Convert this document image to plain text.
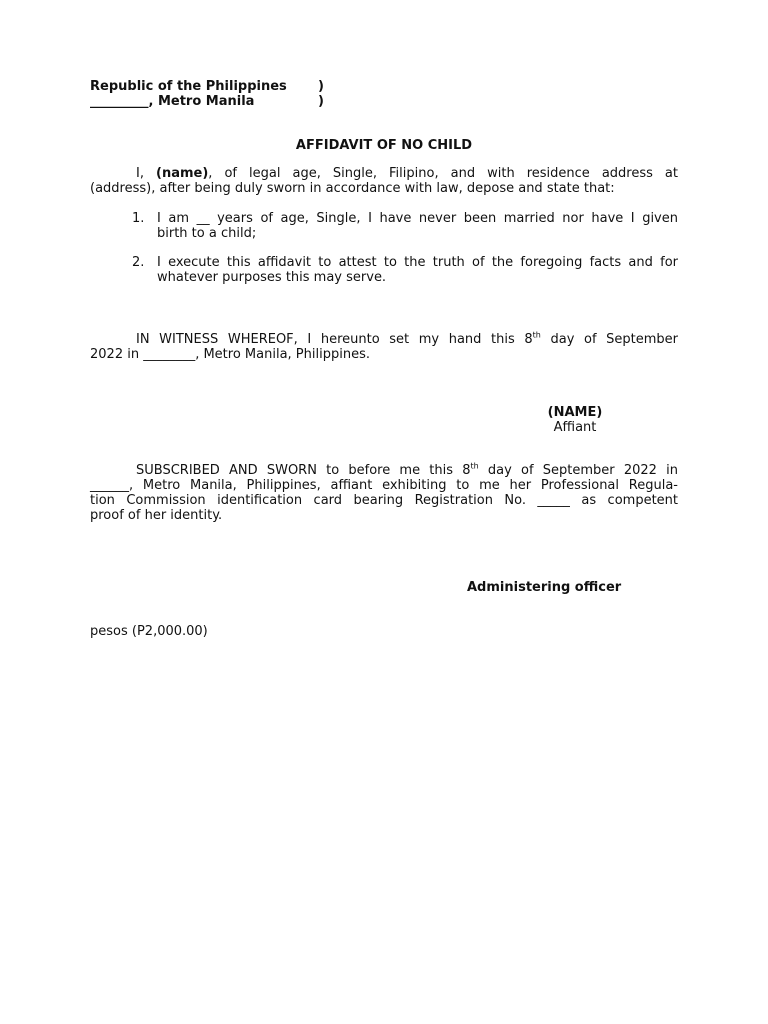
Republic of the Philippines	)
_________, Metro Manila	)
AFFIDAVIT OF NO CHILD
I, (name), of legal age, Single, Filipino, and with residence address at
(address), after being duly sworn in accordance with law, depose and state that:
1. I am __ years of age, Single, I have never been married nor have I given
birth to a child;
2. I execute this affidavit to attest to the truth of the foregoing facts and for
whatever purposes this may serve.
IN WITNESS WHEREOF, I hereunto set my hand this 8th day of September
2022 in ________, Metro Manila, Philippines.
(NAME)
Affiant
SUBSCRIBED AND SWORN to before me this 8th day of September 2022 in
______, Metro Manila, Philippines, affiant exhibiting to me her Professional Regula-
tion Commission identification card bearing Registration No. _____ as competent
proof of her identity.
Administering officer
pesos (P2,000.00)
